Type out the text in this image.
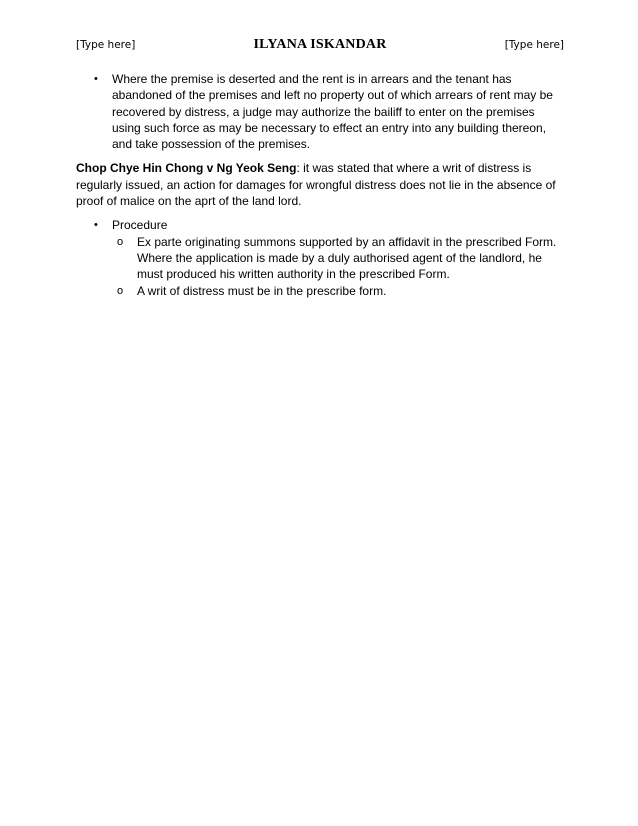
[Type here]	ILYANA ISKANDAR	[Type here]
• Where the premise is deserted and the rent is in arrears and the tenant has abandoned of the premises and left no property out of which arrears of rent may be recovered by distress, a judge may authorize the bailiff to enter on the premises using such force as may be necessary to effect an entry into any building thereon, and take possession of the premises.
Chop Chye Hin Chong v Ng Yeok Seng: it was stated that where a writ of distress is regularly issued, an action for damages for wrongful distress does not lie in the absence of proof of malice on the aprt of the land lord.
• Procedure
o Ex parte originating summons supported by an affidavit in the prescribed Form. Where the application is made by a duly authorised agent of the landlord, he must produced his written authority in the prescribed Form.
o A writ of distress must be in the prescribe form.
